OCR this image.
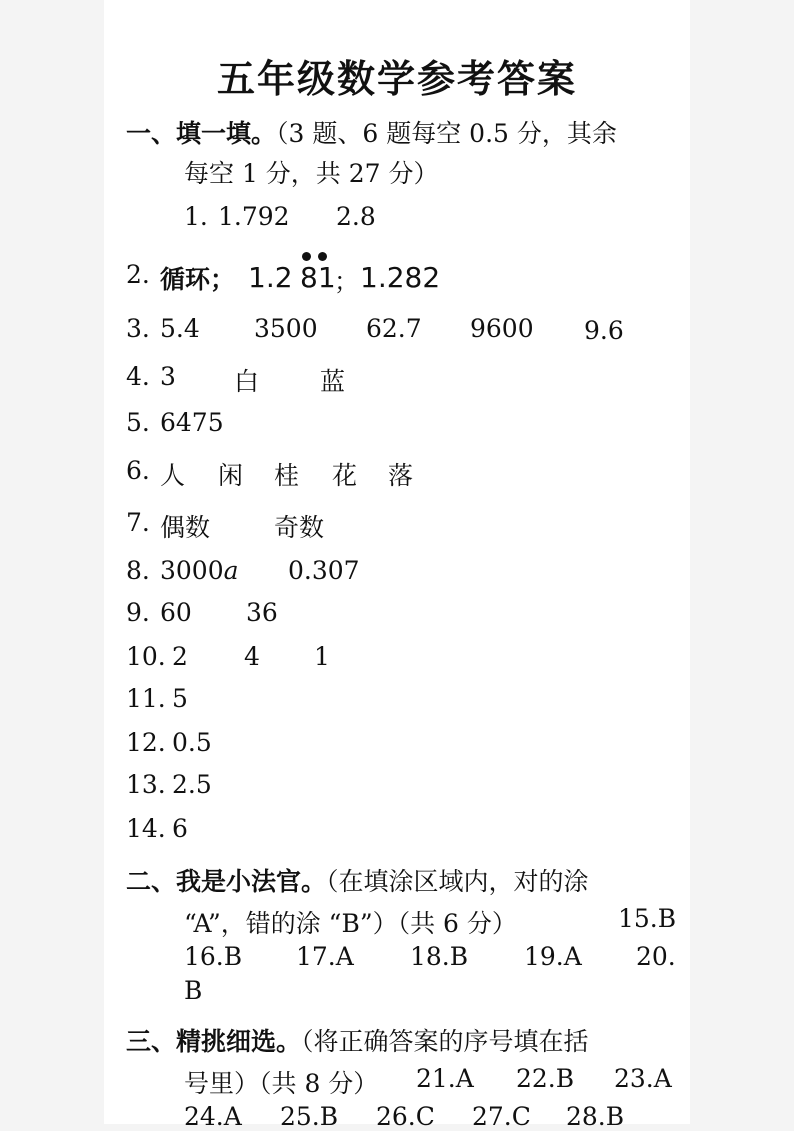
五年级数学参考答案
一、填一填。（3 题、6 题每空 0.5 分，其余
每空 1 分，共 27 分）
1. 1.792 2.8
2. 循环； 1.2 81
； 1.282
3. 5.4 3500 62.7 9600 9.6
4. 3 白 蓝
5. 6475
6. 人 闲 桂 花 落
7. 偶数	奇数
8. 3000a 0.307
9. 60 36
10. 2 4 1
11. 5
12. 0.5
13. 2.5
14. 6
二、我是小法官。（在填涂区域内，对的涂
“A”，错的涂 “B”）（共 6 分）	15.B
16.B 17.A 18.B 19.A 20.
B
三、精挑细选。（将正确答案的序号填在括
号里）（共 8 分） 21.A 22.B 23.A
24.A 25.B 26.C 27.C 28.B
